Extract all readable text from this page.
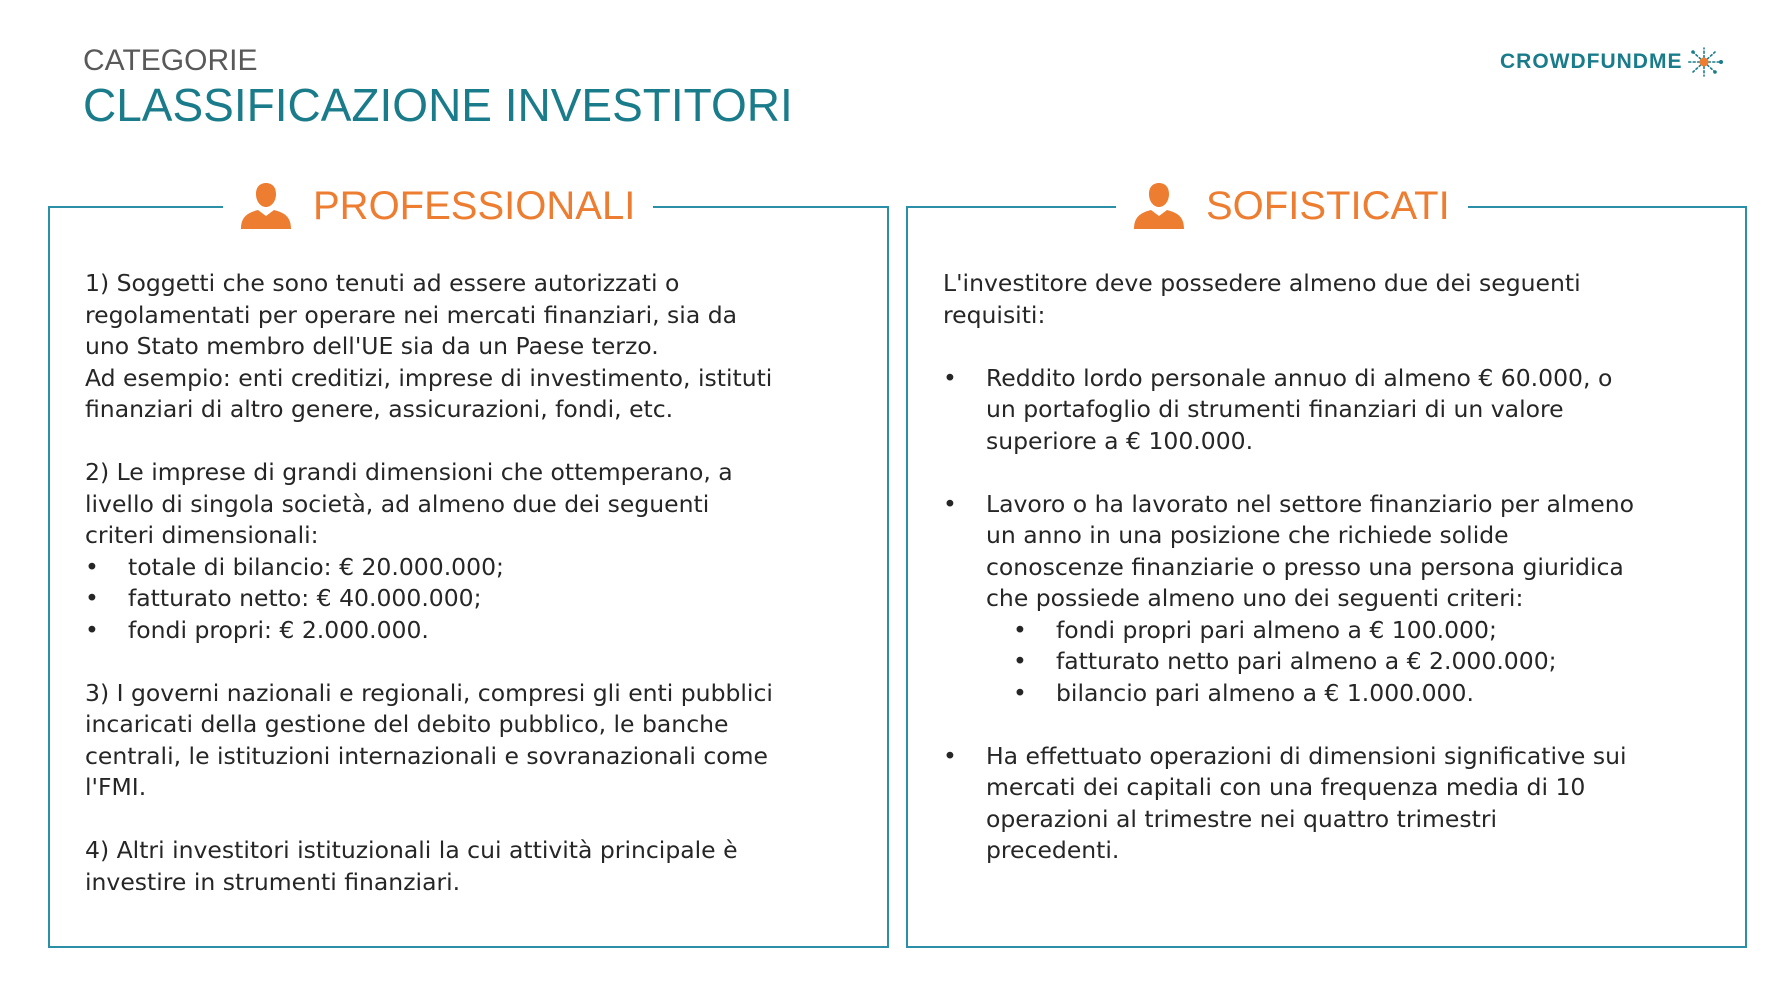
CATEGORIE
CLASSIFICAZIONE INVESTITORI
CROWDFUNDME
PROFESSIONALI

1) Soggetti che sono tenuti ad essere autorizzati o
regolamentati per operare nei mercati finanziari, sia da
uno Stato membro dell'UE sia da un Paese terzo.
Ad esempio: enti creditizi, imprese di investimento, istituti
finanziari di altro genere, assicurazioni, fondi, etc.

2) Le imprese di grandi dimensioni che ottemperano, a
livello di singola società, ad almeno due dei seguenti
criteri dimensionali:

•	totale di bilancio: € 20.000.000;
•	fatturato netto: € 40.000.000;
•	fondi propri: € 2.000.000.

3) I governi nazionali e regionali, compresi gli enti pubblici
incaricati della gestione del debito pubblico, le banche
centrali, le istituzioni internazionali e sovranazionali come
l'FMI.

4) Altri investitori istituzionali la cui attività principale è
investire in strumenti finanziari.

SOFISTICATI

L'investitore deve possedere almeno due dei seguenti
requisiti:

•	Reddito lordo personale annuo di almeno € 60.000, o
un portafoglio di strumenti finanziari di un valore
superiore a € 100.000.
•	Lavoro o ha lavorato nel settore finanziario per almeno
un anno in una posizione che richiede solide
conoscenze finanziarie o presso una persona giuridica
che possiede almeno uno dei seguenti criteri:
•	fondi propri pari almeno a € 100.000;
•	fatturato netto pari almeno a € 2.000.000;
•	bilancio pari almeno a € 1.000.000.
•	Ha effettuato operazioni di dimensioni significative sui
mercati dei capitali con una frequenza media di 10
operazioni al trimestre nei quattro trimestri
precedenti.
